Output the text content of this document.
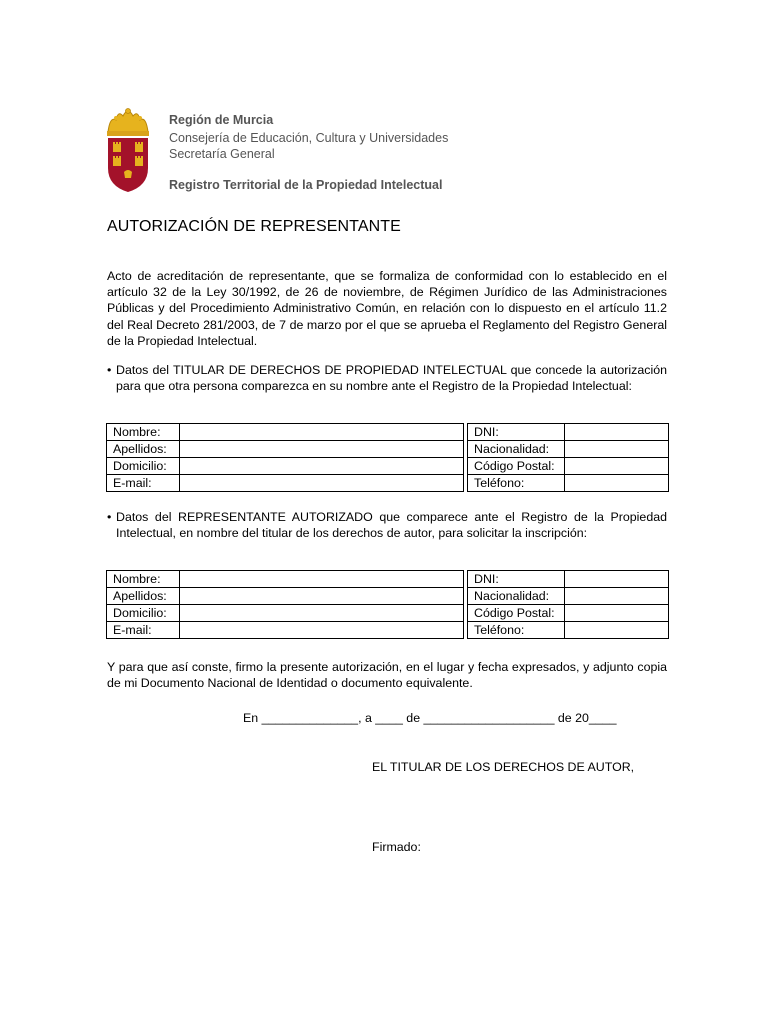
Región de Murcia
Consejería de Educación, Cultura y Universidades
Secretaría General
Registro Territorial de la Propiedad Intelectual
AUTORIZACIÓN DE REPRESENTANTE
Acto de acreditación de representante, que se formaliza de conformidad con lo establecido en el artículo 32 de la Ley 30/1992, de 26 de noviembre, de Régimen Jurídico de las Administraciones Públicas y del Procedimiento Administrativo Común, en relación con lo dispuesto en el artículo 11.2 del Real Decreto 281/2003, de 7 de marzo por el que se aprueba el Reglamento del Registro General de la Propiedad Intelectual.
• Datos del TITULAR DE DERECHOS DE PROPIEDAD INTELECTUAL que concede la autorización para que otra persona comparezca en su nombre ante el Registro de la Propiedad Intelectual:
Nombre:			DNI:	
Apellidos:			Nacionalidad:	
Domicilio:			Código Postal:	
E-mail:			Teléfono:	
• Datos del REPRESENTANTE AUTORIZADO que comparece ante el Registro de la Propiedad Intelectual, en nombre del titular de los derechos de autor, para solicitar la inscripción:
Nombre:			DNI:	
Apellidos:			Nacionalidad:	
Domicilio:			Código Postal:	
E-mail:			Teléfono:	
Y para que así conste, firmo la presente autorización, en el lugar y fecha expresados, y adjunto copia de mi Documento Nacional de Identidad o documento equivalente.
En ______________, a ____ de ___________________ de 20____
EL TITULAR DE LOS DERECHOS DE AUTOR,
Firmado:
